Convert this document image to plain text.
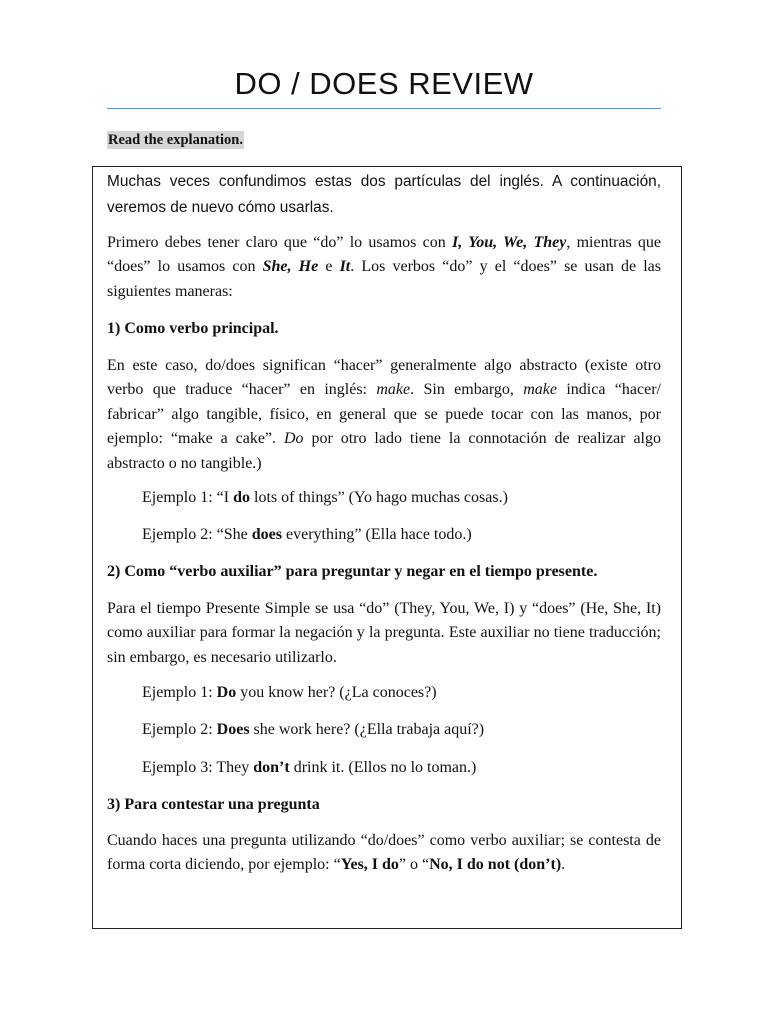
DO / DOES REVIEW
Read the explanation.

Muchas veces confundimos estas dos partículas del inglés. A continuación, veremos de nuevo cómo usarlas.

Primero debes tener claro que “do” lo usamos con I, You, We, They, mientras que “does” lo usamos con She, He e It. Los verbos “do” y el “does” se usan de las siguientes maneras:

1) Como verbo principal.

En este caso, do/does significan “hacer” generalmente algo abstracto (existe otro verbo que traduce “hacer” en inglés: make. Sin embargo, make indica “hacer/ fabricar” algo tangible, físico, en general que se puede tocar con las manos, por ejemplo: “make a cake”. Do por otro lado tiene la connotación de realizar algo abstracto o no tangible.)

Ejemplo 1: “I do lots of things” (Yo hago muchas cosas.)

Ejemplo 2: “She does everything” (Ella hace todo.)

2) Como “verbo auxiliar” para preguntar y negar en el tiempo presente.

Para el tiempo Presente Simple se usa “do” (They, You, We, I) y “does” (He, She, It) como auxiliar para formar la negación y la pregunta. Este auxiliar no tiene traducción; sin embargo, es necesario utilizarlo.

Ejemplo 1: Do you know her? (¿La conoces?)

Ejemplo 2: Does she work here? (¿Ella trabaja aquí?)

Ejemplo 3: They don’t drink it. (Ellos no lo toman.)

3) Para contestar una pregunta

Cuando haces una pregunta utilizando “do/does” como verbo auxiliar; se contesta de forma corta diciendo, por ejemplo: “Yes, I do” o “No, I do not (don’t).
